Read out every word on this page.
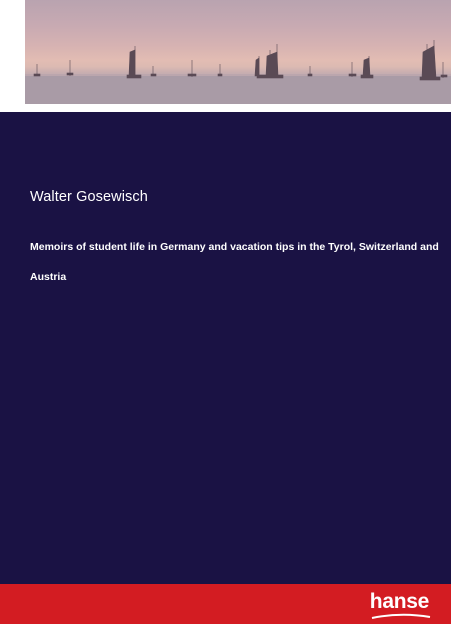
Walter Gosewisch
Memoirs of student life in Germany and vacation tips in the Tyrol, Switzerland and Austria
hanse
